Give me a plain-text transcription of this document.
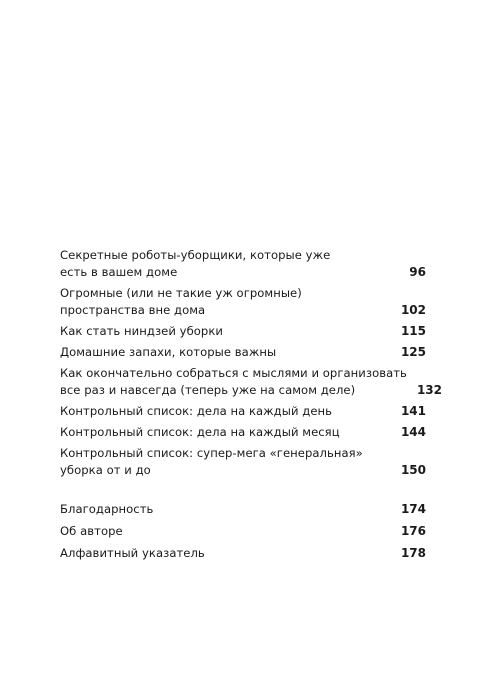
Секретные роботы-уборщики, которые уже
есть в вашем доме	96
Огромные (или не такие уж огромные)
пространства вне дома	102
Как стать ниндзей уборки	115
Домашние запахи, которые важны	125
Как окончательно собраться с мыслями и организовать
все раз и навсегда (теперь уже на самом деле)	132
Контрольный список: дела на каждый день	141
Контрольный список: дела на каждый месяц	144
Контрольный список: супер-мега «генеральная»
уборка от и до	150
Благодарность	174
Об авторе	176
Алфавитный указатель	178
